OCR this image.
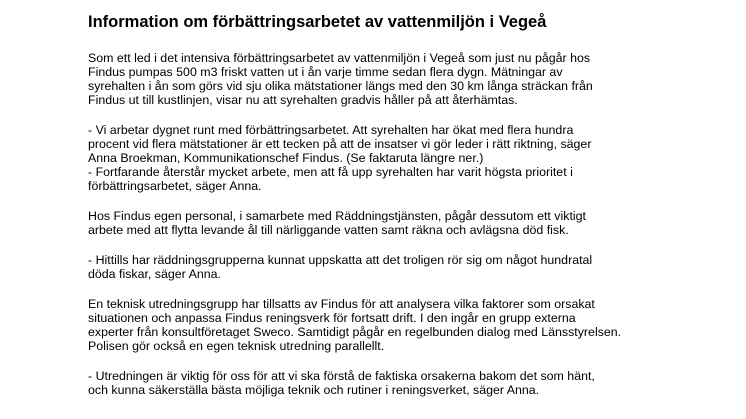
Information om förbättringsarbetet av vattenmiljön i Vegeå

Som ett led i det intensiva förbättringsarbetet av vattenmiljön i Vegeå som just nu pågår hos
Findus pumpas 500 m3 friskt vatten ut i ån varje timme sedan flera dygn. Mätningar av
syrehalten i ån som görs vid sju olika mätstationer längs med den 30 km långa sträckan från
Findus ut till kustlinjen, visar nu att syrehalten gradvis håller på att återhämtas.

- Vi arbetar dygnet runt med förbättringsarbetet. Att syrehalten har ökat med flera hundra
procent vid flera mätstationer är ett tecken på att de insatser vi gör leder i rätt riktning, säger
Anna Broekman, Kommunikationschef Findus. (Se faktaruta längre ner.)
- Fortfarande återstår mycket arbete, men att få upp syrehalten har varit högsta prioritet i
förbättringsarbetet, säger Anna.

Hos Findus egen personal, i samarbete med Räddningstjänsten, pågår dessutom ett viktigt
arbete med att flytta levande ål till närliggande vatten samt räkna och avlägsna död fisk.

- Hittills har räddningsgrupperna kunnat uppskatta att det troligen rör sig om något hundratal
döda fiskar, säger Anna.

En teknisk utredningsgrupp har tillsatts av Findus för att analysera vilka faktorer som orsakat
situationen och anpassa Findus reningsverk för fortsatt drift. I den ingår en grupp externa
experter från konsultföretaget Sweco. Samtidigt pågår en regelbunden dialog med Länsstyrelsen.
Polisen gör också en egen teknisk utredning parallellt.

- Utredningen är viktig för oss för att vi ska förstå de faktiska orsakerna bakom det som hänt,
och kunna säkerställa bästa möjliga teknik och rutiner i reningsverket, säger Anna.
